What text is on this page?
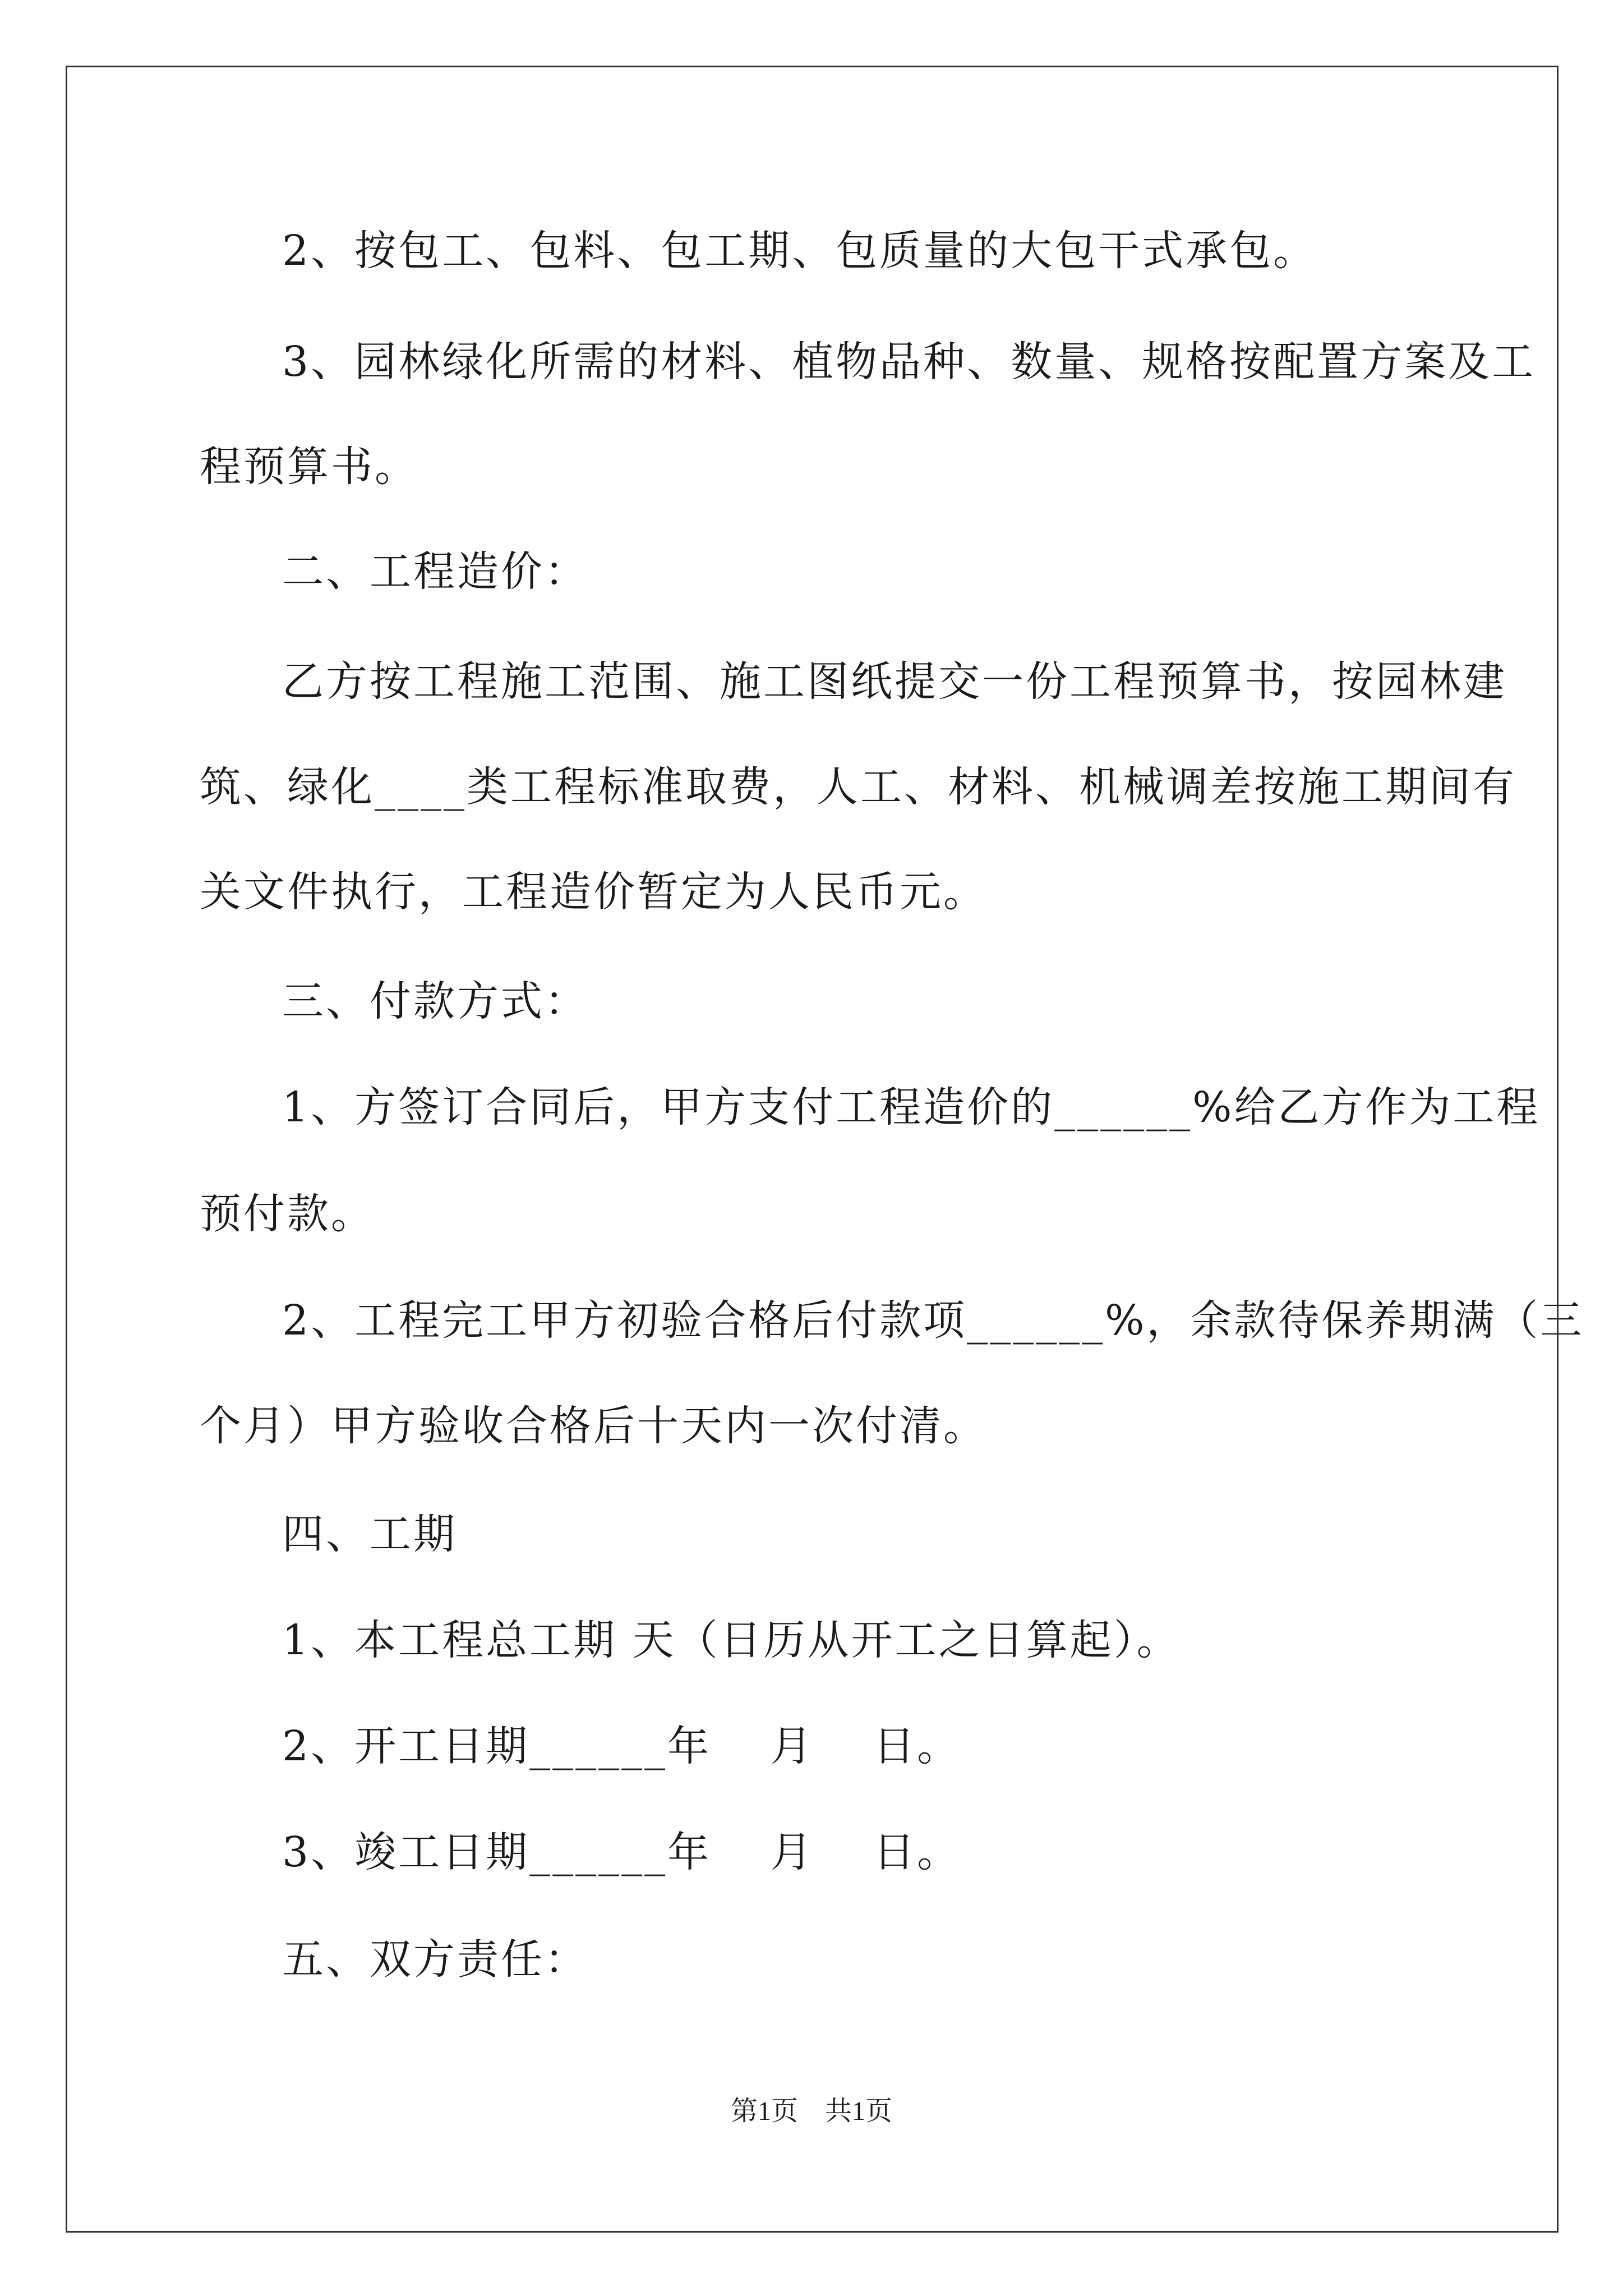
2、按包工、包料、包工期、包质量的大包干式承包。
3、园林绿化所需的材料、植物品种、数量、规格按配置方案及工
程预算书。
二、工程造价：
乙方按工程施工范围、施工图纸提交一份工程预算书，按园林建
筑、绿化____类工程标准取费，人工、材料、机械调差按施工期间有
关文件执行，工程造价暂定为人民币元。
三、付款方式：
1、方签订合同后，甲方支付工程造价的______%给乙方作为工程
预付款。
2、工程完工甲方初验合格后付款项______%，余款待保养期满（三
个月）甲方验收合格后十天内一次付清。
四、工期
1、本工程总工期 天（日历从开工之日算起）。
2、开工日期______年　 月　 日。
3、竣工日期______年　 月　 日。
五、双方责任：
第1页　共1页
